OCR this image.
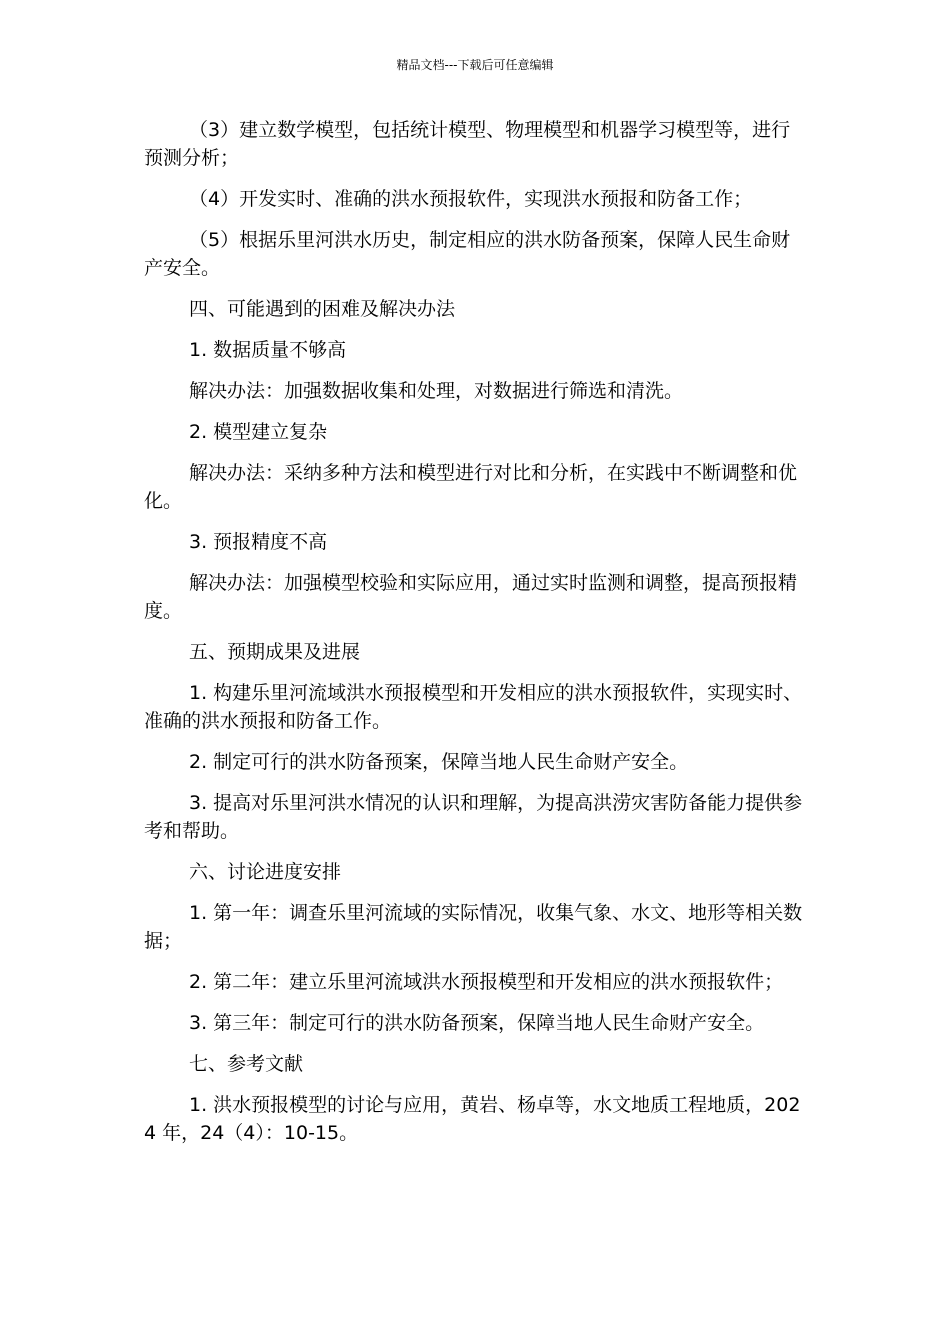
精品文档---下载后可任意编辑

（3）建立数学模型，包括统计模型、物理模型和机器学习模型等，进行预测分析；

（4）开发实时、准确的洪水预报软件，实现洪水预报和防备工作；

（5）根据乐里河洪水历史，制定相应的洪水防备预案，保障人民生命财产安全。

四、可能遇到的困难及解决办法

1. 数据质量不够高

解决办法：加强数据收集和处理，对数据进行筛选和清洗。

2. 模型建立复杂

解决办法：采纳多种方法和模型进行对比和分析，在实践中不断调整和优化。

3. 预报精度不高

解决办法：加强模型校验和实际应用，通过实时监测和调整，提高预报精度。

五、预期成果及进展

1. 构建乐里河流域洪水预报模型和开发相应的洪水预报软件，实现实时、准确的洪水预报和防备工作。

2. 制定可行的洪水防备预案，保障当地人民生命财产安全。

3. 提高对乐里河洪水情况的认识和理解，为提高洪涝灾害防备能力提供参考和帮助。

六、讨论进度安排

1. 第一年：调查乐里河流域的实际情况，收集气象、水文、地形等相关数据；

2. 第二年：建立乐里河流域洪水预报模型和开发相应的洪水预报软件；

3. 第三年：制定可行的洪水防备预案，保障当地人民生命财产安全。

七、参考文献

1. 洪水预报模型的讨论与应用，黄岩、杨卓等，水文地质工程地质，2024 年，24（4）：10-15。
